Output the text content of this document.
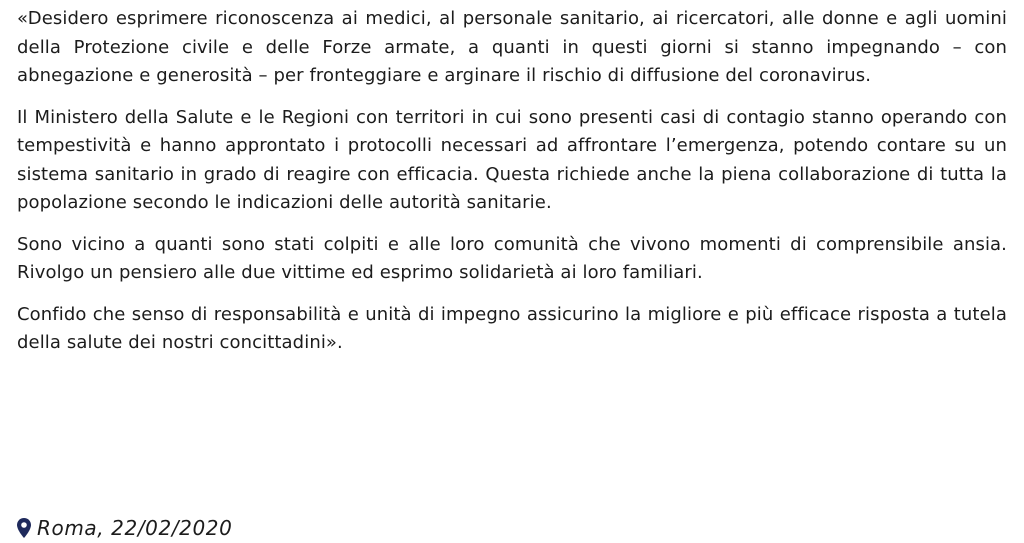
«Desidero esprimere riconoscenza ai medici, al personale sanitario, ai ricercatori, alle donne e agli uomini della Protezione civile e delle Forze armate, a quanti in questi giorni si stanno impegnando – con abnegazione e generosità – per fronteggiare e arginare il rischio di diffusione del coronavirus.

Il Ministero della Salute e le Regioni con territori in cui sono presenti casi di contagio stanno operando con tempestività e hanno approntato i protocolli necessari ad affrontare l’emergenza, potendo contare su un sistema sanitario in grado di reagire con efficacia. Questa richiede anche la piena collaborazione di tutta la popolazione secondo le indicazioni delle autorità sanitarie.

Sono vicino a quanti sono stati colpiti e alle loro comunità che vivono momenti di comprensibile ansia. Rivolgo un pensiero alle due vittime ed esprimo solidarietà ai loro familiari.

Confido che senso di responsabilità e unità di impegno assicurino la migliore e più efficace risposta a tutela della salute dei nostri concittadini».

Roma, 22/02/2020
